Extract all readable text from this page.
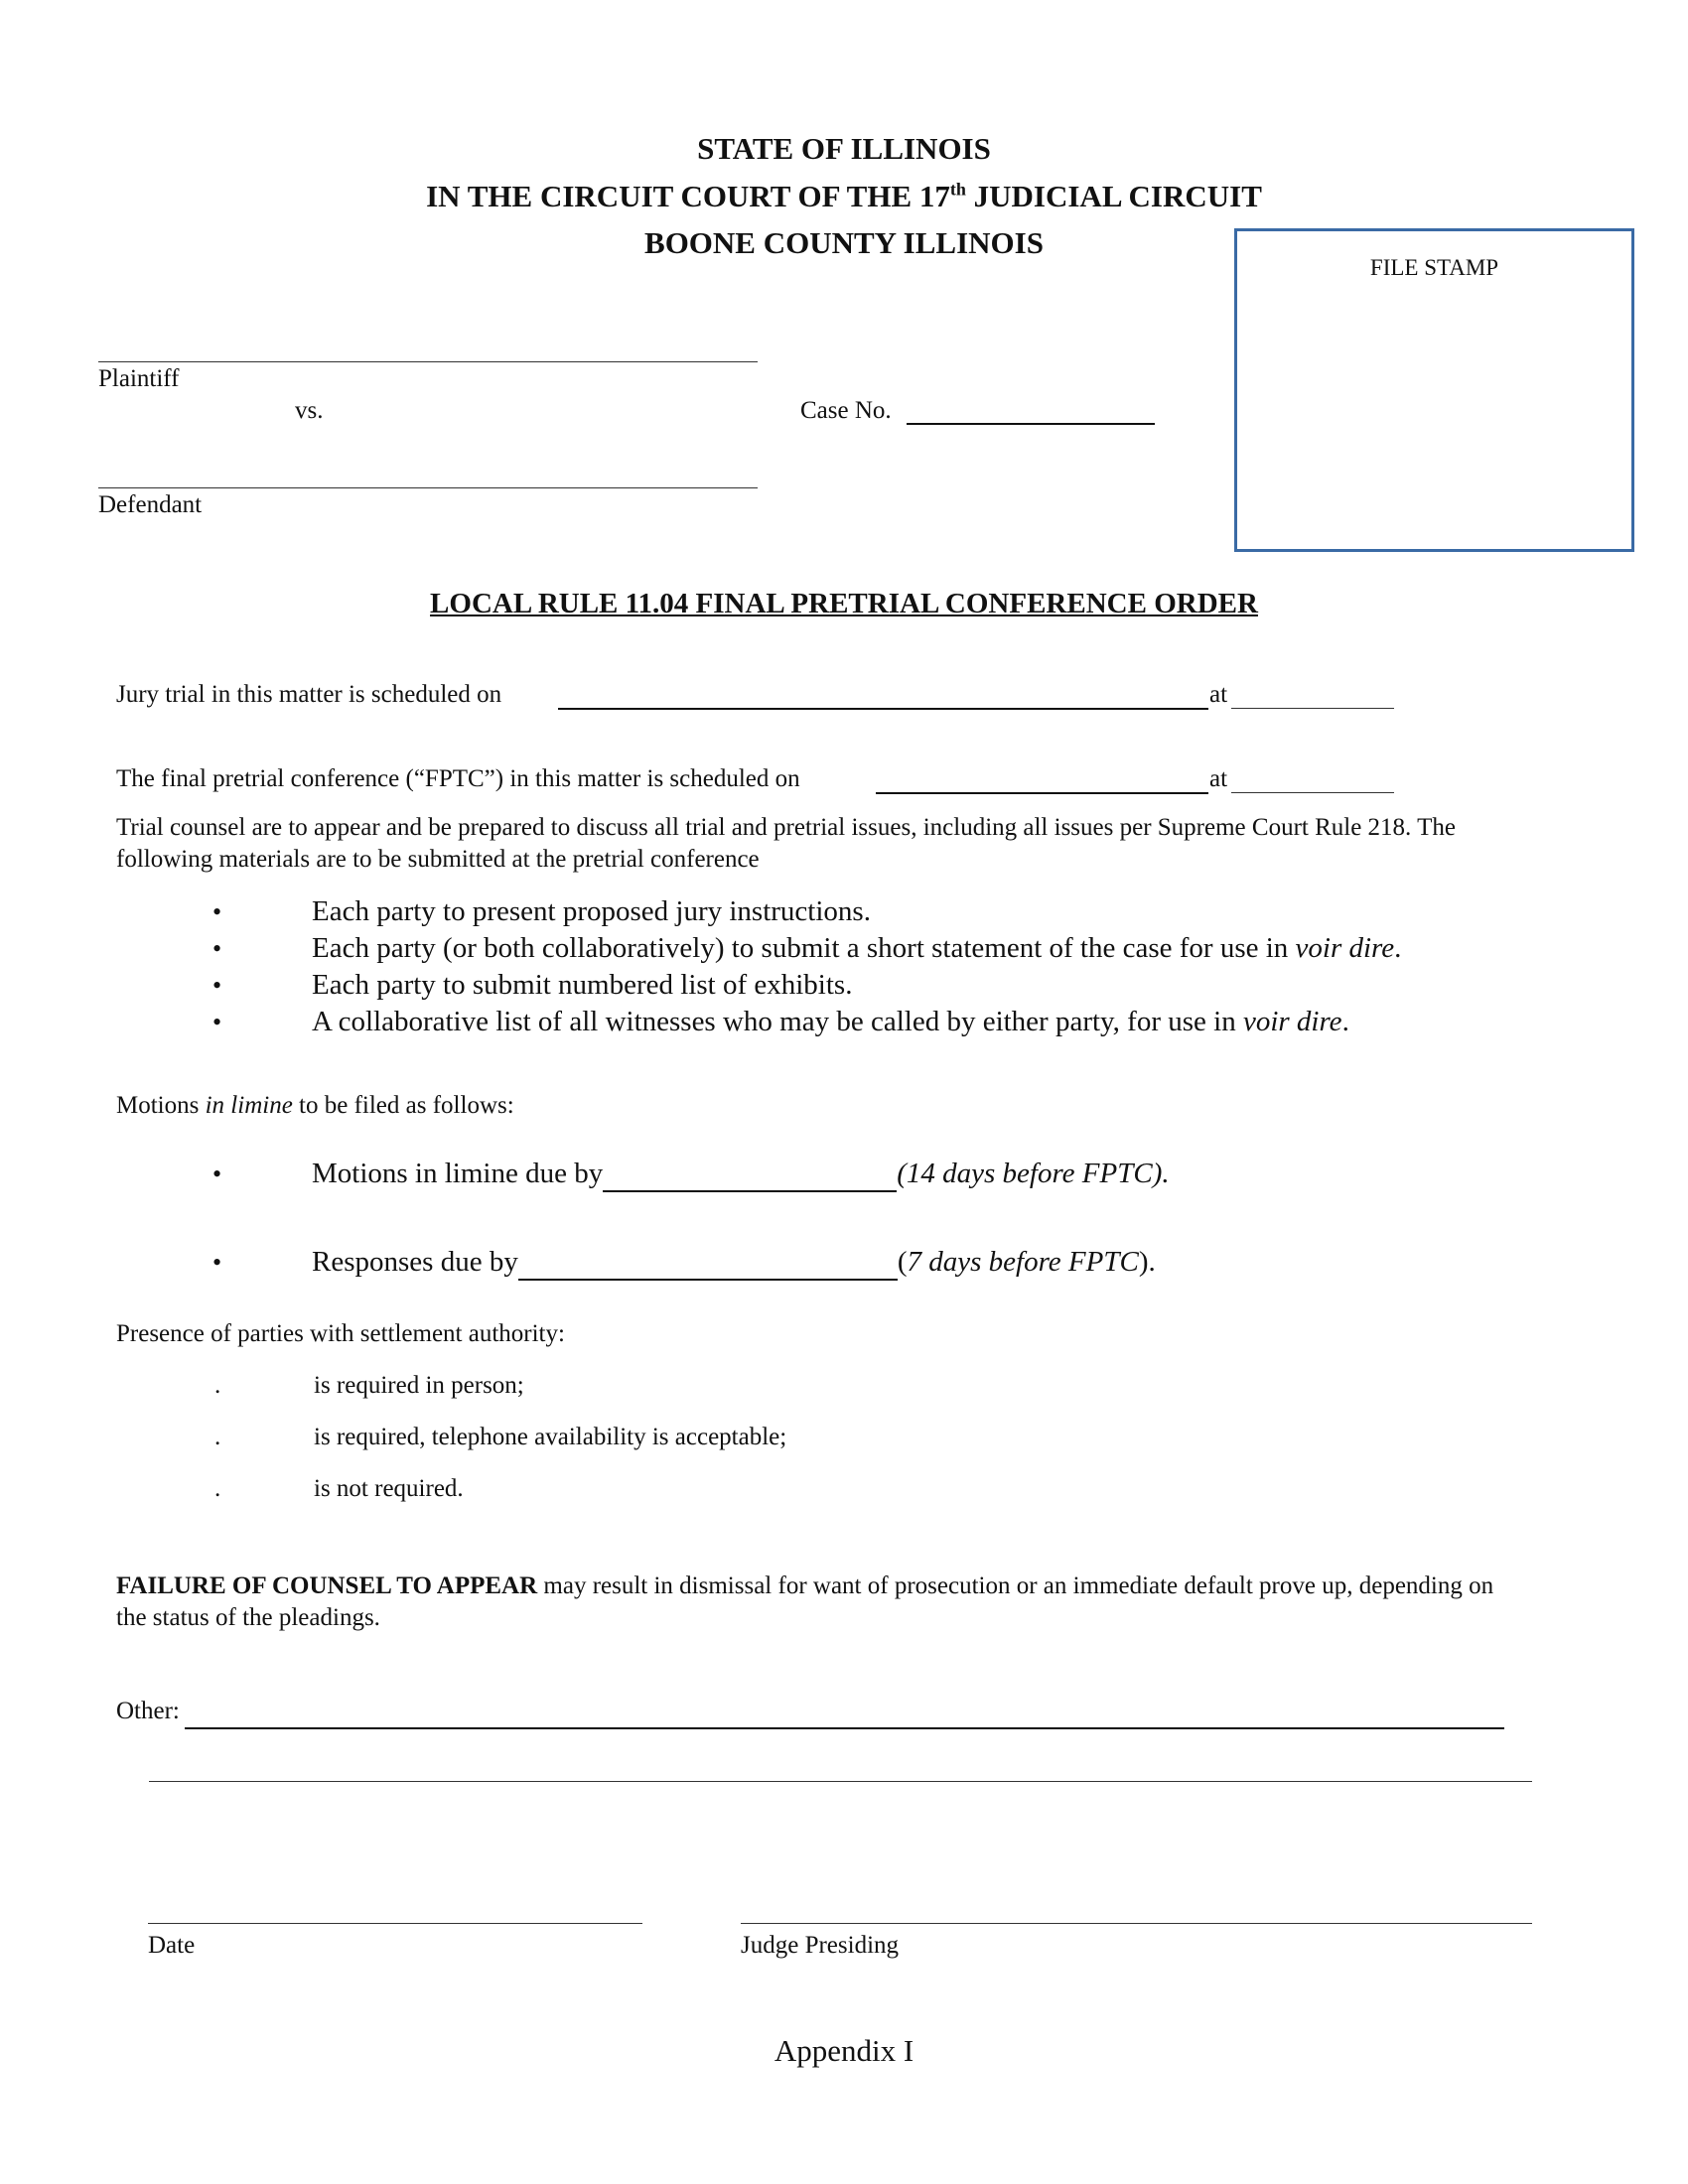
STATE OF ILLINOIS
IN THE CIRCUIT COURT OF THE 17th JUDICIAL CIRCUIT
BOONE COUNTY ILLINOIS
FILE STAMP
Plaintiff
vs.	Case No.
Defendant
LOCAL RULE 11.04 FINAL PRETRIAL CONFERENCE ORDER
Jury trial in this matter is scheduled on	at
The final pretrial conference (“FPTC”) in this matter is scheduled on	at
Trial counsel are to appear and be prepared to discuss all trial and pretrial issues, including all issues per Supreme Court Rule 218. The following materials are to be submitted at the pretrial conference
•	Each party to present proposed jury instructions.
•	Each party (or both collaboratively) to submit a short statement of the case for use in voir dire.
•	Each party to submit numbered list of exhibits.
•	A collaborative list of all witnesses who may be called by either party, for use in voir dire.
Motions in limine to be filed as follows:
•	Motions in limine due by	(14 days before FPTC).
•	Responses due by	(7 days before FPTC).
Presence of parties with settlement authority:
.	is required in person;
.	is required, telephone availability is acceptable;
.	is not required.
FAILURE OF COUNSEL TO APPEAR may result in dismissal for want of prosecution or an immediate default prove up, depending on the status of the pleadings.
Other:
Date	Judge Presiding
Appendix I
